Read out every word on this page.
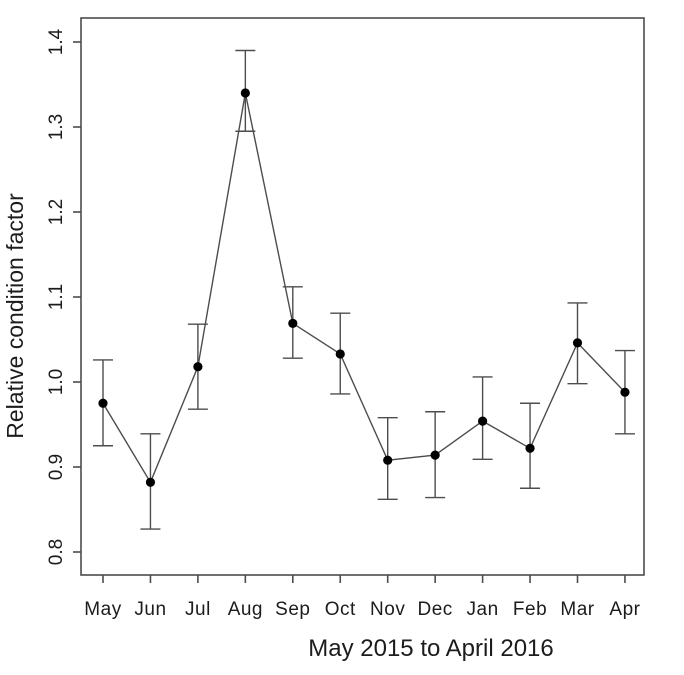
Relative condition factor
May 2015 to April 2016
0.8
0.9
1.0
1.1
1.2
1.3
1.4
May Jun Jul Aug Sep Oct Nov Dec Jan Feb Mar Apr
